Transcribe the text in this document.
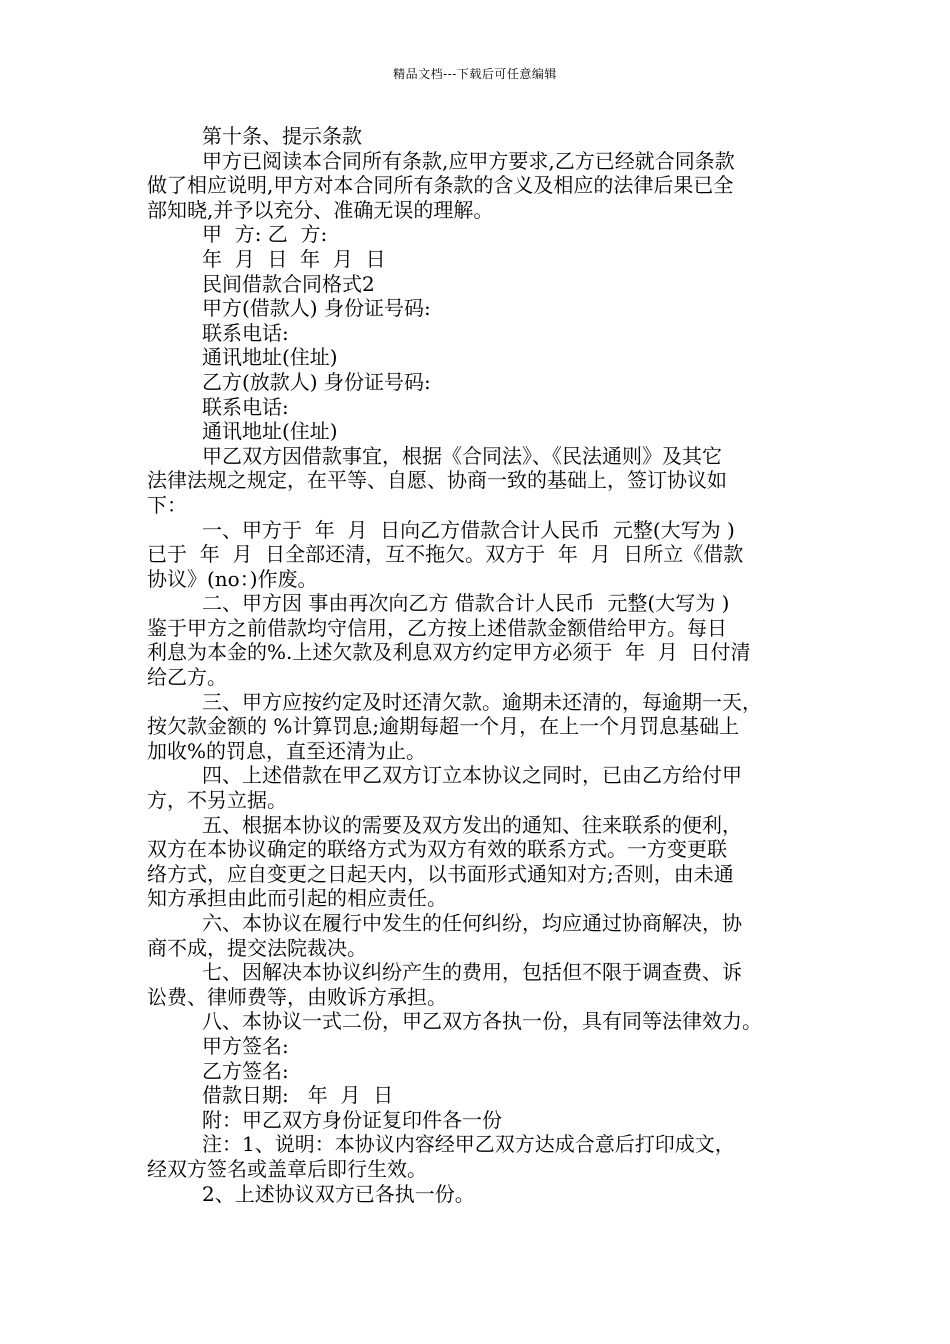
精品文档---下载后可任意编辑

第十条、提示条款

甲方已阅读本合同所有条款,应甲方要求,乙方已经就合同条款

做了相应说明,甲方对本合同所有条款的含义及相应的法律后果已全

部知晓,并予以充分、准确无误的理解。

甲  方: 乙  方:

年  月  日  年  月  日

民间借款合同格式2

甲方(借款人) 身份证号码:

联系电话:

通讯地址(住址)

乙方(放款人) 身份证号码:

联系电话:

通讯地址(住址)

甲乙双方因借款事宜，根据《合同法》、《民法通则》及其它

法律法规之规定，在平等、自愿、协商一致的基础上，签订协议如

下：

一、甲方于  年  月  日向乙方借款合计人民币  元整(大写为 )

已于  年  月  日全部还清，互不拖欠。双方于  年  月  日所立《借款

协议》(no：)作废。

二、甲方因 事由再次向乙方 借款合计人民币  元整(大写为 )

鉴于甲方之前借款均守信用，乙方按上述借款金额借给甲方。每日

利息为本金的%.上述欠款及利息双方约定甲方必须于  年  月  日付清

给乙方。

三、甲方应按约定及时还清欠款。逾期未还清的，每逾期一天，

按欠款金额的 %计算罚息;逾期每超一个月，在上一个月罚息基础上

加收%的罚息，直至还清为止。

四、上述借款在甲乙双方订立本协议之同时，已由乙方给付甲

方，不另立据。

五、根据本协议的需要及双方发出的通知、往来联系的便利，

双方在本协议确定的联络方式为双方有效的联系方式。一方变更联

络方式，应自变更之日起天内，以书面形式通知对方;否则，由未通

知方承担由此而引起的相应责任。

六、本协议在履行中发生的任何纠纷，均应通过协商解决，协

商不成，提交法院裁决。

七、因解决本协议纠纷产生的费用，包括但不限于调查费、诉

讼费、律师费等，由败诉方承担。

八、本协议一式二份，甲乙双方各执一份，具有同等法律效力。

甲方签名:

乙方签名:

借款日期:   年  月  日

附：甲乙双方身份证复印件各一份

注：1、说明：本协议内容经甲乙双方达成合意后打印成文，

经双方签名或盖章后即行生效。

2、上述协议双方已各执一份。
